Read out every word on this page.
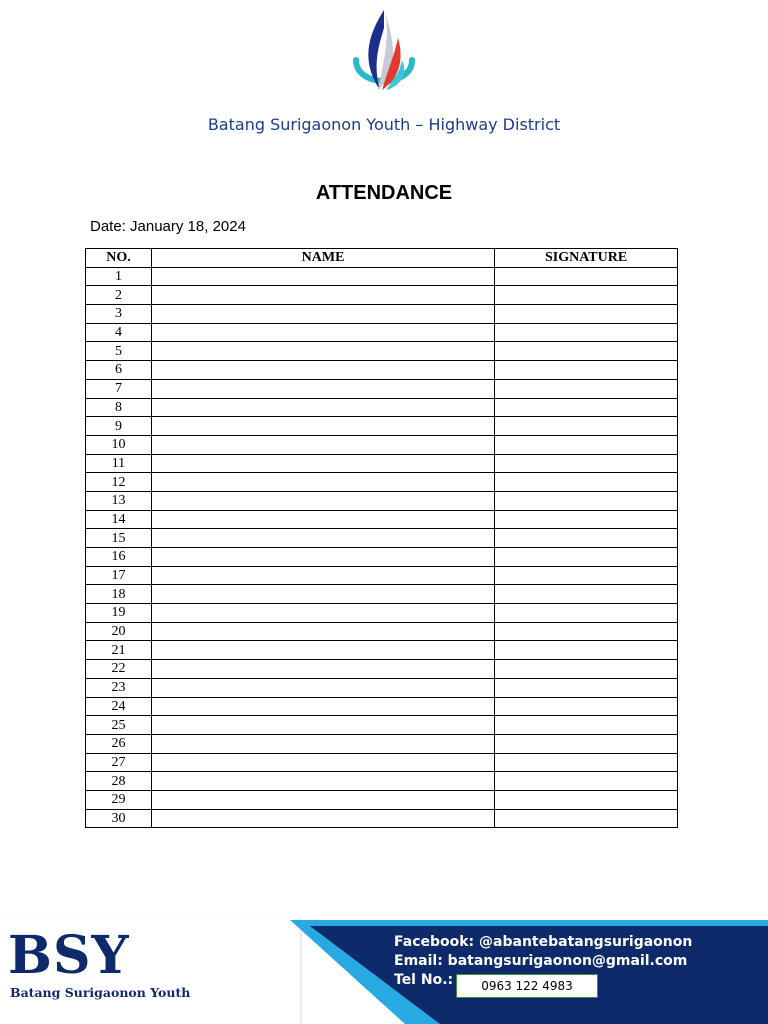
Batang Surigaonon Youth – Highway District
ATTENDANCE
Date: January 18, 2024
NO.	NAME	SIGNATURE
1		
2		
3		
4		
5		
6		
7		
8		
9		
10		
11		
12		
13		
14		
15		
16		
17		
18		
19		
20		
21		
22		
23		
24		
25		
26		
27		
28		
29		
30		
BSY
Batang Surigaonon Youth
Facebook: @abantebatangsurigaonon
Email: batangsurigaonon@gmail.com
Tel No.:	0963 122 4983
